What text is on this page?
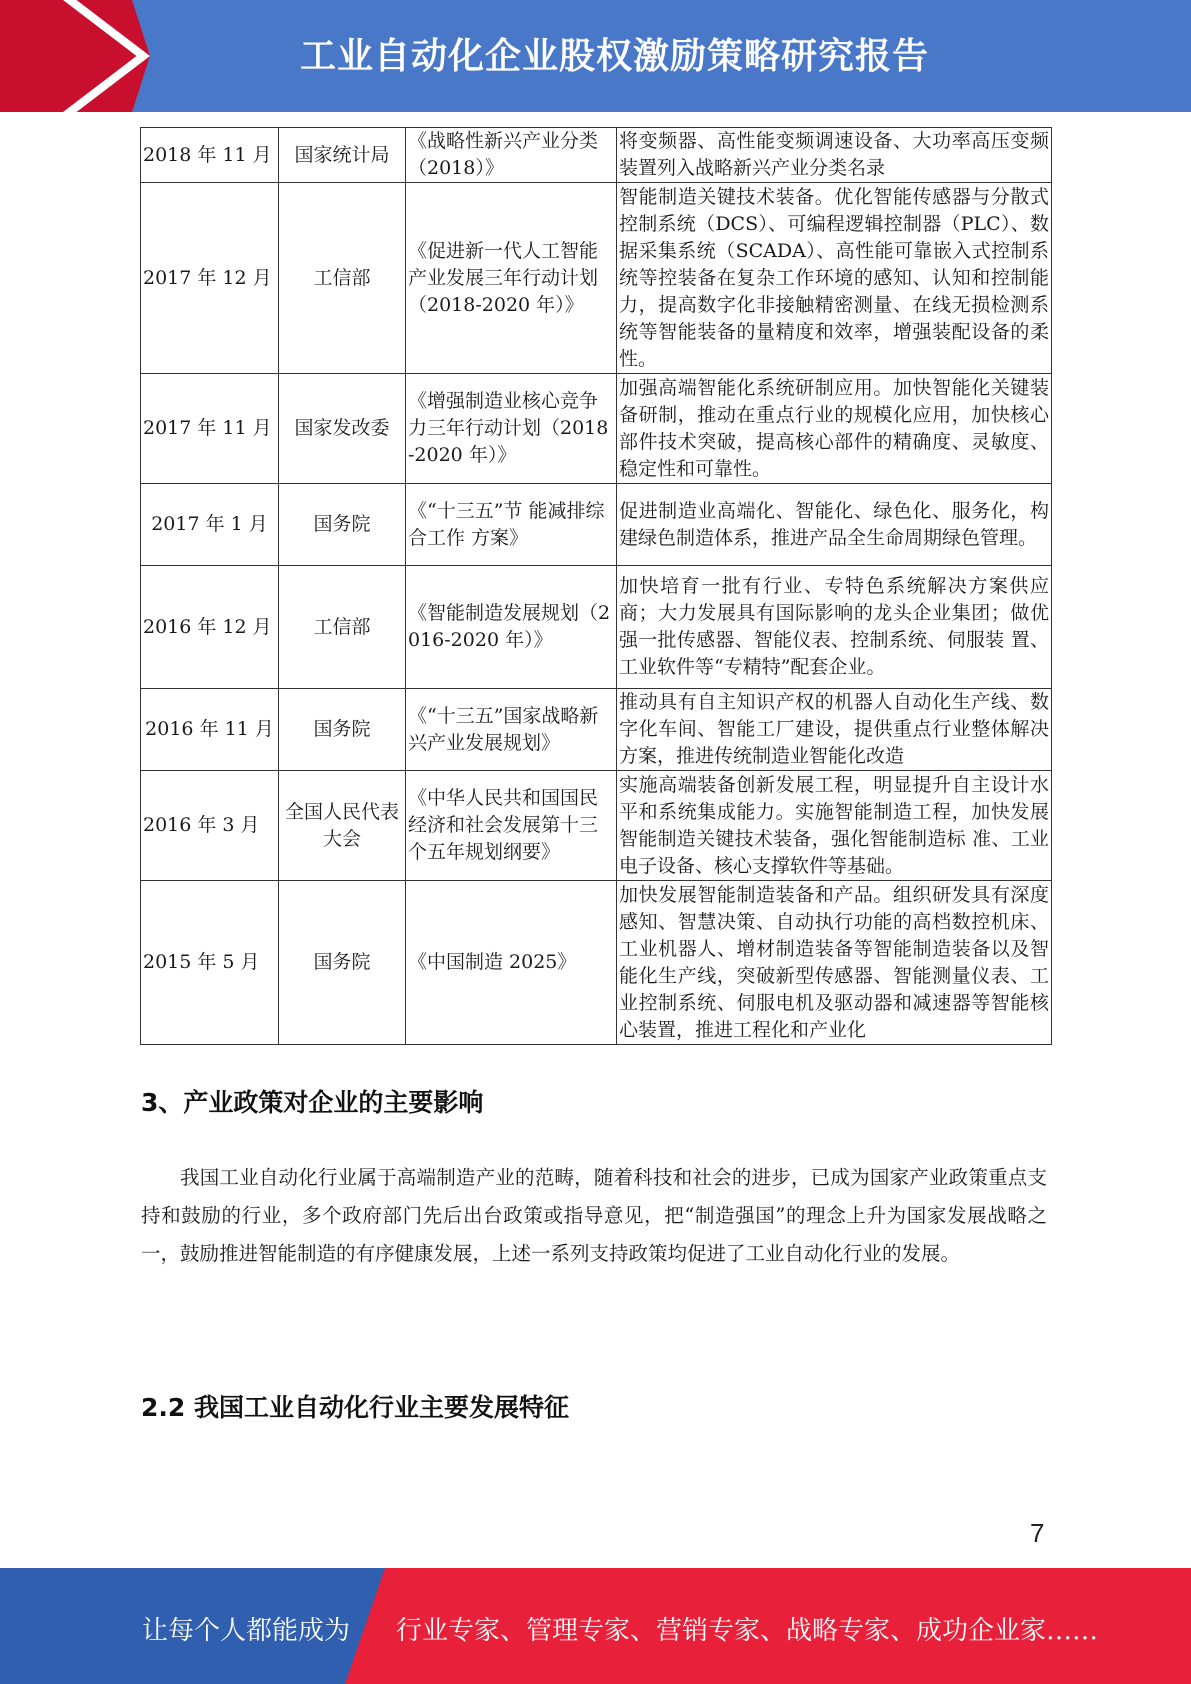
工业自动化企业股权激励策略研究报告
2018 年 11 月	国家统计局	《战略性新兴产业分类（2018）》	将变频器、高性能变频调速设备、大功率高压变频装置列入战略新兴产业分类名录
2017 年 12 月	工信部	《促进新一代人工智能产业发展三年行动计划（2018-2020 年）》	智能制造关键技术装备。优化智能传感器与分散式控制系统（DCS）、可编程逻辑控制器（PLC）、数据采集系统（SCADA）、高性能可靠嵌入式控制系统等控装备在复杂工作环境的感知、认知和控制能力，提高数字化非接触精密测量、在线无损检测系统等智能装备的量精度和效率，增强装配设备的柔性。
2017 年 11 月	国家发改委	《增强制造业核心竞争力三年行动计划（2018-2020 年）》	加强高端智能化系统研制应用。加快智能化关键装备研制，推动在重点行业的规模化应用，加快核心部件技术突破，提高核心部件的精确度、灵敏度、稳定性和可靠性。
2017 年 1 月	国务院	《“十三五”节 能减排综合工作 方案》	促进制造业高端化、智能化、绿色化、服务化，构建绿色制造体系，推进产品全生命周期绿色管理。
2016 年 12 月	工信部	《智能制造发展规划（2016-2020 年）》	加快培育一批有行业、专特色系统解决方案供应商；大力发展具有国际影响的龙头企业集团；做优强一批传感器、智能仪表、控制系统、伺服装 置、工业软件等“专精特”配套企业。
2016 年 11 月	国务院	《“十三五”国家战略新兴产业发展规划》	推动具有自主知识产权的机器人自动化生产线、数字化车间、智能工厂建设，提供重点行业整体解决方案，推进传统制造业智能化改造
2016 年 3 月	全国人民代表大会	《中华人民共和国国民经济和社会发展第十三个五年规划纲要》	实施高端装备创新发展工程，明显提升自主设计水平和系统集成能力。实施智能制造工程，加快发展智能制造关键技术装备，强化智能制造标 准、工业电子设备、核心支撑软件等基础。
2015 年 5 月	国务院	《中国制造 2025》	加快发展智能制造装备和产品。组织研发具有深度感知、智慧决策、自动执行功能的高档数控机床、工业机器人、增材制造装备等智能制造装备以及智能化生产线，突破新型传感器、智能测量仪表、工业控制系统、伺服电机及驱动器和减速器等智能核心装置，推进工程化和产业化
3、产业政策对企业的主要影响

我国工业自动化行业属于高端制造产业的范畴，随着科技和社会的进步，已成为国家产业政策重点支持和鼓励的行业，多个政府部门先后出台政策或指导意见，把“制造强国”的理念上升为国家发展战略之一，鼓励推进智能制造的有序健康发展，上述一系列支持政策均促进了工业自动化行业的发展。

2.2 我国工业自动化行业主要发展特征
7
让每个人都能成为 行业专家、管理专家、营销专家、战略专家、成功企业家……
